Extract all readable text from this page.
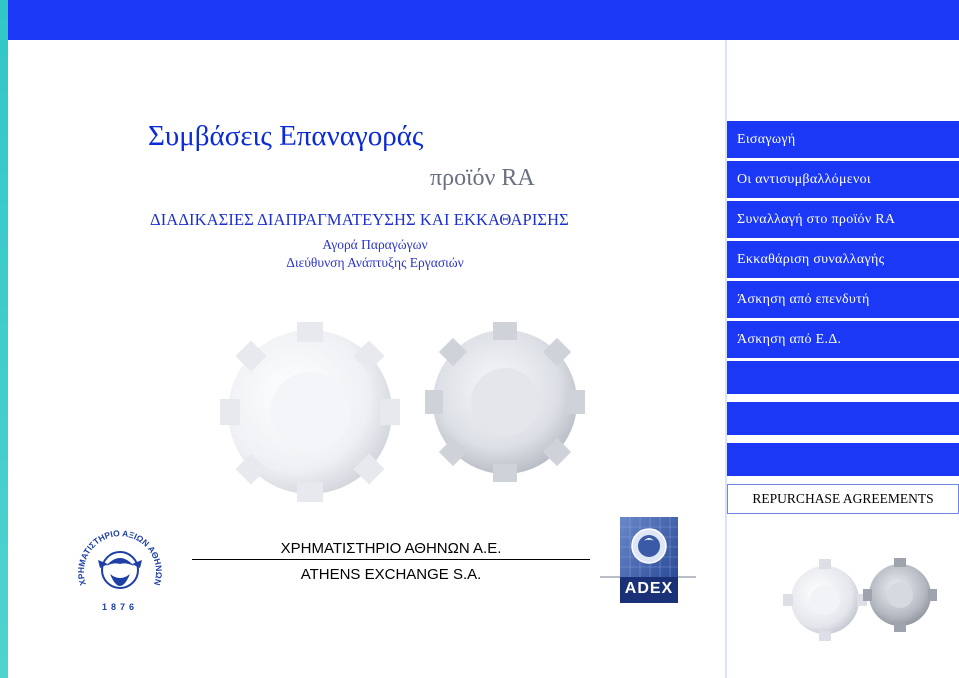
Συμβάσεις Επαναγοράς
προϊόν RA
ΔΙΑΔΙΚΑΣΙΕΣ ΔΙΑΠΡΑΓΜΑΤΕΥΣΗΣ ΚΑΙ ΕΚΚΑΘΑΡΙΣΗΣ
Αγορά Παραγώγων
Διεύθυνση Ανάπτυξης Εργασιών
Εισαγωγή
Οι αντισυμβαλλόμενοι
Συναλλαγή στο προϊόν RA
Εκκαθάριση συναλλαγής
Άσκηση από επενδυτή
Άσκηση από Ε.Δ.
REPURCHASE AGREEMENTS
ΧΡΗΜΑΤΙΣΤΗΡΙΟ ΑΞΙΩΝ ΑΘΗΝΩΝ
1876
ΧΡΗΜΑΤΙΣΤΗΡΙΟ ΑΘΗΝΩΝ Α.Ε.
ATHENS EXCHANGE S.A.
ADEX
